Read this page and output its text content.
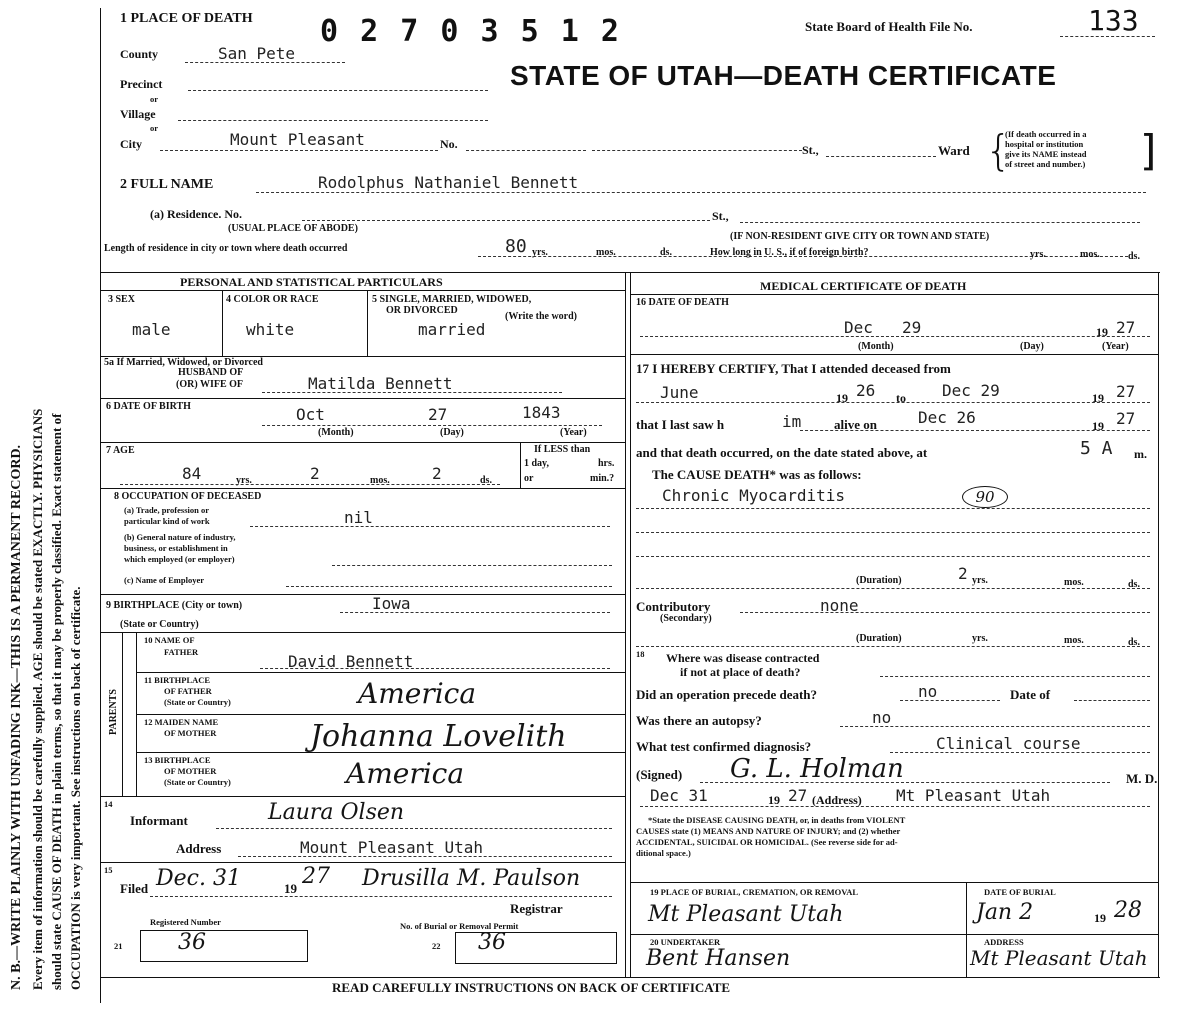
N. B.—WRITE PLAINLY WITH UNFADING INK—THIS IS A PERMANENT RECORD. Every item of information should be carefully supplied. AGE should be stated EXACTLY. PHYSICIANS should state CAUSE OF DEATH in plain terms, so that it may be properly classified. Exact statement of OCCUPATION is very important. See instructions on back of certificate.
1 PLACE OF DEATH 0 2 7 0 3 5 1 2	State Board of Health File No.	133
STATE OF UTAH—DEATH CERTIFICATE
County	San Pete
Precinct
or
Village
or
City	Mount Pleasant	No.	St.,	Ward {
(If death occurred in a
hospital or institution
give its NAME instead
of street and number.) ]
2 FULL NAME	Rodolphus Nathaniel Bennett
(a) Residence. No.	St.,
(USUAL PLACE OF ABODE)
(IF NON-RESIDENT GIVE CITY OR TOWN AND STATE)
Length of residence in city or town where death occurred	80 yrs.	mos.	ds.	How long in U. S., if of foreign birth?	yrs.	mos.	ds.
PERSONAL AND STATISTICAL PARTICULARS
3 SEX
male
4 COLOR OR RACE
white
5 SINGLE, MARRIED, WIDOWED,
OR DIVORCED
(Write the word)
married
5a If Married, Widowed, or Divorced
HUSBAND OF
(OR) WIFE OF	Matilda Bennett
6 DATE OF BIRTH	Oct	27	1843
(Month)	(Day)	(Year)
7 AGE
84	yrs.	2	mos.	2	ds.
If LESS than
1 day,	hrs.
or	min.?
8 OCCUPATION OF DECEASED
(a) Trade, profession or
particular kind of work	nil
(b) General nature of industry,
business, or establishment in
which employed (or employer)
(c) Name of Employer
9 BIRTHPLACE (City or town)	Iowa
(State or Country)
PARENTS
10 NAME OF
FATHER	David Bennett
11 BIRTHPLACE
OF FATHER
(State or Country)	America
12 MAIDEN NAME
OF MOTHER	Johanna Lovelith
13 BIRTHPLACE
OF MOTHER
(State or Country)	America
14
Informant	Laura Olsen
Address	Mount Pleasant Utah
15
Filed Dec. 31	19 27 Drusilla M. Paulson
Registrar
Registered Number
21	36
No. of Burial or Removal Permit
22 36
MEDICAL CERTIFICATE OF DEATH
16 DATE OF DEATH
Dec 29	19 27
(Month)	(Day)	(Year)
17 I HEREBY CERTIFY, That I attended deceased from
June	19 26 to Dec 29	19 27
that I last saw h	im	alive on	Dec 26	19 27
and that death occurred, on the date stated above, at	5 A m.
The CAUSE DEATH* was as follows:
Chronic Myocarditis	90
(Duration)	2 yrs.	mos.	ds.
Contributory
(Secondary)
none
(Duration)	yrs.	mos.	ds.
18 Where was disease contracted
if not at place of death?
Did an operation precede death?	no	Date of
Was there an autopsy?	no
What test confirmed diagnosis?	Clinical course
(Signed) G. L. Holman	M. D.
Dec 31	19 27 (Address) Mt Pleasant Utah
*State the DISEASE CAUSING DEATH, or, in deaths from VIOLENT
CAUSES state (1) MEANS AND NATURE OF INJURY; and (2) whether
ACCIDENTAL, SUICIDAL OR HOMICIDAL. (See reverse side for ad-
ditional space.)
19 PLACE OF BURIAL, CREMATION, OR REMOVAL
Mt Pleasant Utah
DATE OF BURIAL
Jan 2	19 28
20 UNDERTAKER
Bent Hansen
ADDRESS
Mt Pleasant Utah
READ CAREFULLY INSTRUCTIONS ON BACK OF CERTIFICATE
